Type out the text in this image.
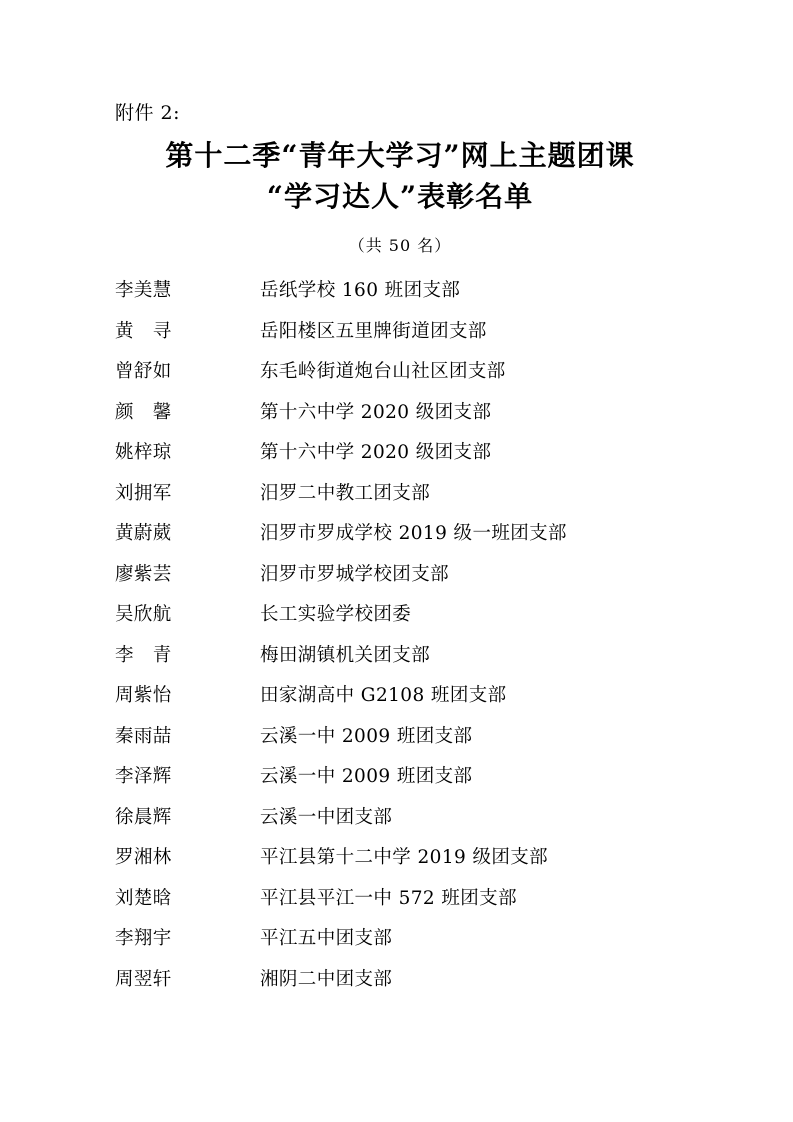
附件 2:
第十二季“青年大学习”网上主题团课
“学习达人”表彰名单
（共 50 名）
李美慧	岳纸学校 160 班团支部
黄　寻	岳阳楼区五里牌街道团支部
曾舒如	东毛岭街道炮台山社区团支部
颜　馨	第十六中学 2020 级团支部
姚梓琼	第十六中学 2020 级团支部
刘拥军	汨罗二中教工团支部
黄蔚葳	汨罗市罗成学校 2019 级一班团支部
廖紫芸	汨罗市罗城学校团支部
吴欣航	长工实验学校团委
李　青	梅田湖镇机关团支部
周紫怡	田家湖高中 G2108 班团支部
秦雨喆	云溪一中 2009 班团支部
李泽辉	云溪一中 2009 班团支部
徐晨辉	云溪一中团支部
罗湘林	平江县第十二中学 2019 级团支部
刘楚晗	平江县平江一中 572 班团支部
李翔宇	平江五中团支部
周翌轩	湘阴二中团支部
